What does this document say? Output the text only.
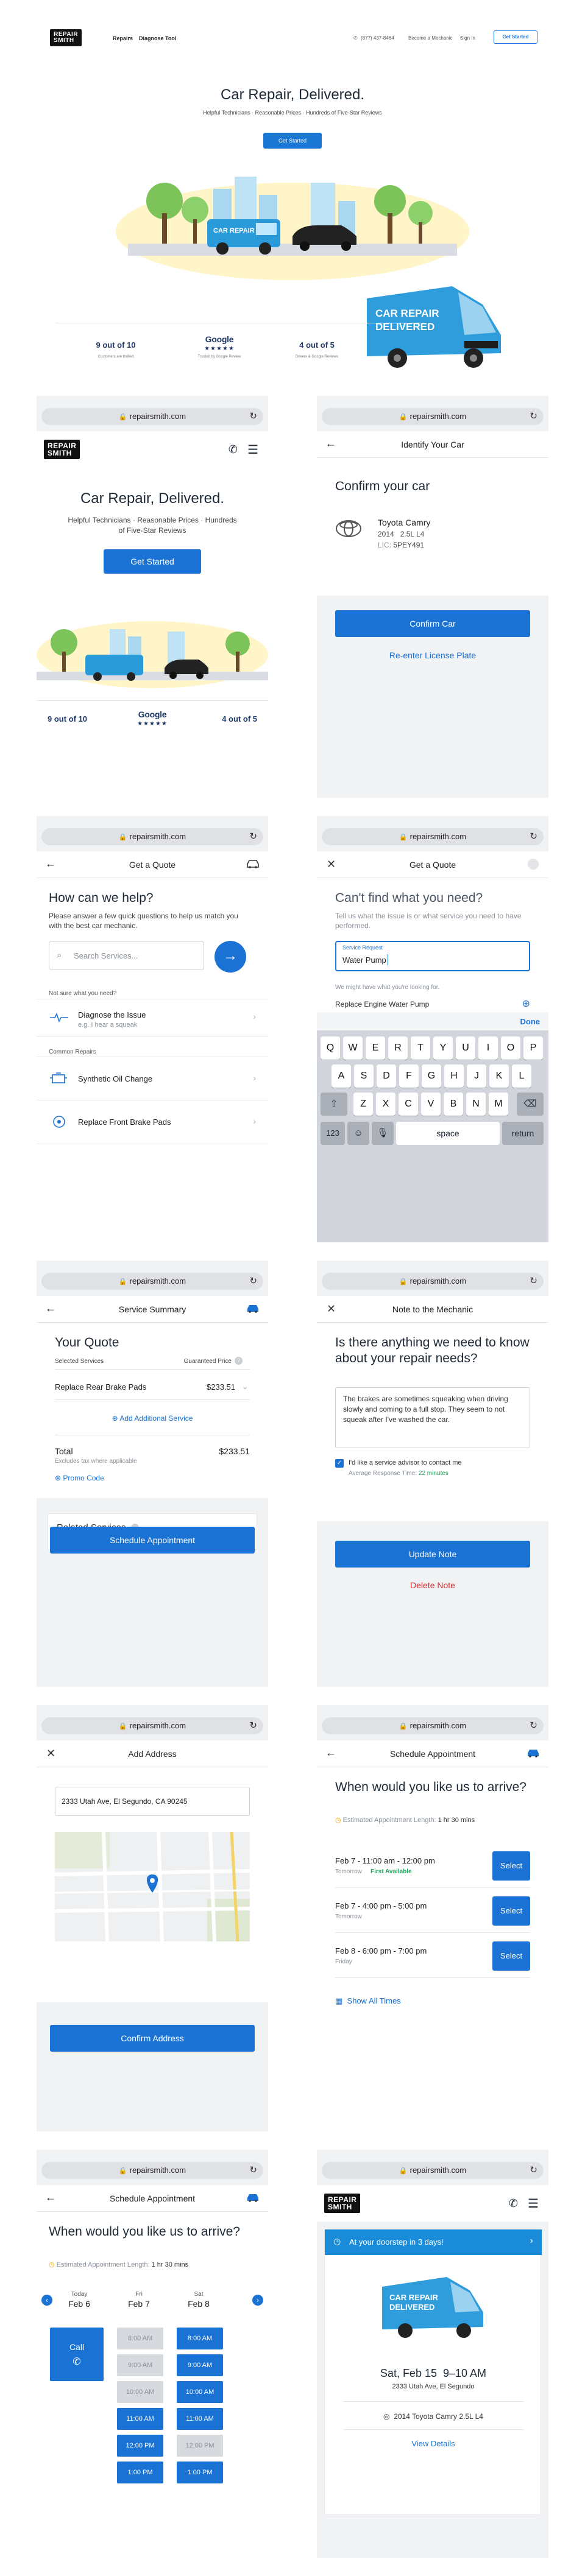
REPAIR
SMITH	Repairs Diagnose Tool	✆ (877) 437-8464	Become a Mechanic Sign In	Get Started
Car Repair, Delivered.
Helpful Technicians · Reasonable Prices · Hundreds of Five-Star Reviews
Get Started
CAR REPAIR
CAR REPAIR
DELIVERED
9 out of 10
Customers are thrilled
Google
★★★★★
Trusted by Google Review
4 out of 5
Drivers & Google Reviews
🔒 repairsmith.com	↻
REPAIR
SMITH	✆ ☰
Car Repair, Delivered.
Helpful Technicians · Reasonable Prices · Hundreds of Five-Star Reviews
Get Started
9 out of 10	Google
★★★★★
4 out of 5
🔒 repairsmith.com	↻
←	Identify Your Car
Confirm your car
Toyota Camry
2014 2.5L L4
LIC: 5PEY491
Confirm Car
Re-enter License Plate
🔒 repairsmith.com	↻
←	Get a Quote
How can we help?
Please answer a few quick questions to help us match you with the best car mechanic.
⌕ Search Services...	→
Not sure what you need?
Diagnose the Issue
e.g. I hear a squeak
›
Common Repairs
Synthetic Oil Change	›
Replace Front Brake Pads	›
🔒 repairsmith.com	↻
✕	Get a Quote
Can't find what you need?
Tell us what the issue is or what service you need to have performed.
Service Request
Water Pump
We might have what you're looking for.
Replace Engine Water Pump	⊕
Done
Q	W	E	R	T	Y	U	I	O	P
A	S	D	F	G	H	J	K	L
Z	X	C	V	B	N	M
⇧	⌫
123	☺	🎙	space	return
🔒 repairsmith.com	↻
←	Service Summary
Your Quote
Selected Services	Guaranteed Price ?
Replace Rear Brake Pads	$233.51 ⌄
⊕ Add Additional Service
Total	$233.51
Excludes tax where applicable
⊕ Promo Code
Schedule Appointment
🔒 repairsmith.com	↻
✕	Note to the Mechanic
Is there anything we need to know about your repair needs?
The brakes are sometimes squeaking when driving slowly and coming to a full stop. They seem to not squeak after I've washed the car.
✓ I'd like a service advisor to contact me
Average Response Time: 22 minutes
Update Note
Delete Note
🔒 repairsmith.com	↻
✕	Add Address
2333 Utah Ave, El Segundo, CA 90245
Confirm Address
🔒 repairsmith.com	↻
←	Schedule Appointment
When would you like us to arrive?
◷ Estimated Appointment Length: 1 hr 30 mins
Feb 7 - 11:00 am - 12:00 pm
Tomorrow First Available
Select
Feb 7 - 4:00 pm - 5:00 pm
Tomorrow
Select
Feb 8 - 6:00 pm - 7:00 pm
Friday
Select
▦ Show All Times
🔒 repairsmith.com	↻
←	Schedule Appointment
When would you like us to arrive?
◷ Estimated Appointment Length: 1 hr 30 mins
‹	›
Today
Feb 6
Fri
Feb 7
Sat
Feb 8
Call
✆
8:00 AM
9:00 AM
10:00 AM
11:00 AM
12:00 PM
1:00 PM
8:00 AM
9:00 AM
10:00 AM
11:00 AM
12:00 PM
1:00 PM
🔒 repairsmith.com	↻
REPAIR
SMITH	✆ ☰
◷ At your doorstep in 3 days!	›
CAR REPAIR
DELIVERED
Sat, Feb 15 9–10 AM
2333 Utah Ave, El Segundo
◎ 2014 Toyota Camry 2.5L L4
View Details
